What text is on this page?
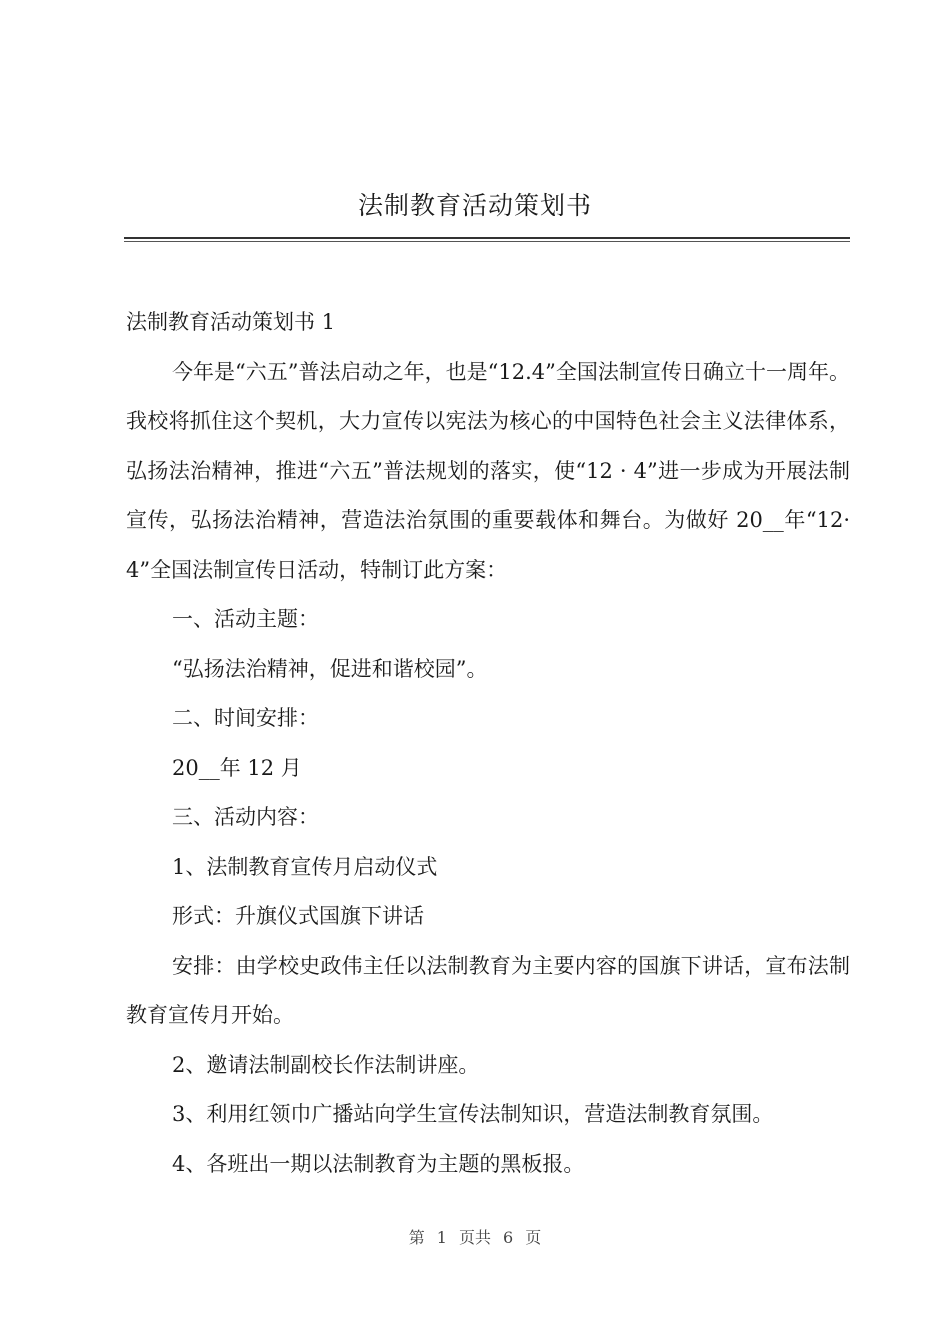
法制教育活动策划书

法制教育活动策划书 1

今年是“六五”普法启动之年，也是“12.4”全国法制宣传日确立十一周年。我校将抓住这个契机，大力宣传以宪法为核心的中国特色社会主义法律体系，弘扬法治精神，推进“六五”普法规划的落实，使“12 · 4”进一步成为开展法制宣传，弘扬法治精神，营造法治氛围的重要载体和舞台。为做好 20__年“12· 4”全国法制宣传日活动，特制订此方案：

一、活动主题：

“弘扬法治精神，促进和谐校园”。

二、时间安排：

20__年 12 月

三、活动内容：

1、法制教育宣传月启动仪式

形式：升旗仪式国旗下讲话

安排：由学校史政伟主任以法制教育为主要内容的国旗下讲话，宣布法制教育宣传月开始。

2、邀请法制副校长作法制讲座。

3、利用红领巾广播站向学生宣传法制知识，营造法制教育氛围。

4、各班出一期以法制教育为主题的黑板报。

第 1 页共 6 页
